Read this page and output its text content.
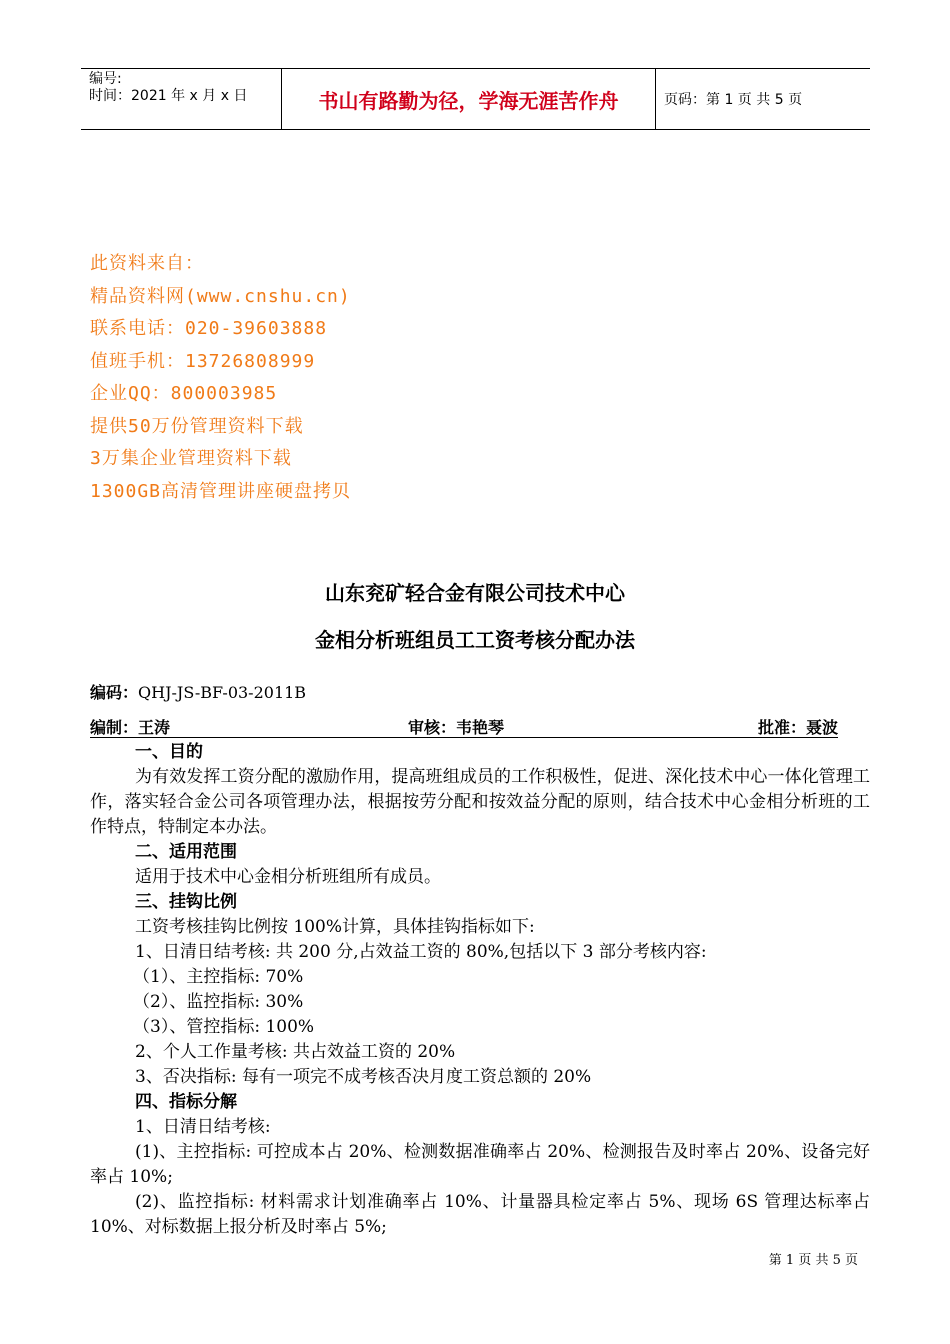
编号:
时间：2021 年 x 月 x 日	书山有路勤为径，学海无涯苦作舟	页码：第 1 页 共 5 页
此资料来自：
精品资料网(www.cnshu.cn)
联系电话：020-39603888
值班手机：13726808999
企业QQ：800003985
提供50万份管理资料下载
3万集企业管理资料下载
1300GB高清管理讲座硬盘拷贝
山东兖矿轻合金有限公司技术中心
金相分析班组员工工资考核分配办法
编码：QHJ-JS-BF-03-2011B
编制：王涛	审核：韦艳琴	批准：聂波

一、目的

为有效发挥工资分配的激励作用，提高班组成员的工作积极性，促进、深化技术中心一体化管理工作，落实轻合金公司各项管理办法，根据按劳分配和按效益分配的原则，结合技术中心金相分析班的工作特点，特制定本办法。

二、适用范围

适用于技术中心金相分析班组所有成员。

三、挂钩比例

工资考核挂钩比例按 100%计算，具体挂钩指标如下:

1、日清日结考核: 共 200 分,占效益工资的 80%,包括以下 3 部分考核内容:

（1）、主控指标: 70%

（2）、监控指标: 30%

（3）、管控指标: 100%

2、个人工作量考核: 共占效益工资的 20%

3、否决指标: 每有一项完不成考核否决月度工资总额的 20%

四、指标分解

1、日清日结考核:

(1)、主控指标: 可控成本占 20%、检测数据准确率占 20%、检测报告及时率占 20%、设备完好率占 10%;

(2)、监控指标: 材料需求计划准确率占 10%、计量器具检定率占 5%、现场 6S 管理达标率占 10%、对标数据上报分析及时率占 5%;

第 1 页 共 5 页
